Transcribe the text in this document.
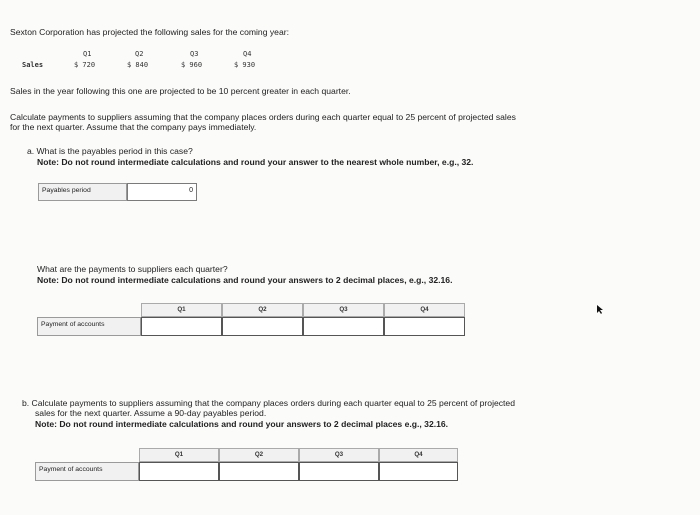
Sexton Corporation has projected the following sales for the coming year:
Sales
Q1	Q2	Q3	Q4
$ 720	$ 840	$ 960	$ 930
Sales in the year following this one are projected to be 10 percent greater in each quarter.
Calculate payments to suppliers assuming that the company places orders during each quarter equal to 25 percent of projected sales
for the next quarter. Assume that the company pays immediately.
a. What is the payables period in this case?
Note: Do not round intermediate calculations and round your answer to the nearest whole number, e.g., 32.
Payables period	0
What are the payments to suppliers each quarter?
Note: Do not round intermediate calculations and round your answers to 2 decimal places, e.g., 32.16.
Q1	Q2	Q3	Q4
Payment of accounts
b. Calculate payments to suppliers assuming that the company places orders during each quarter equal to 25 percent of projected
sales for the next quarter. Assume a 90-day payables period.
Note: Do not round intermediate calculations and round your answers to 2 decimal places e.g., 32.16.
Q1	Q2	Q3	Q4
Payment of accounts
